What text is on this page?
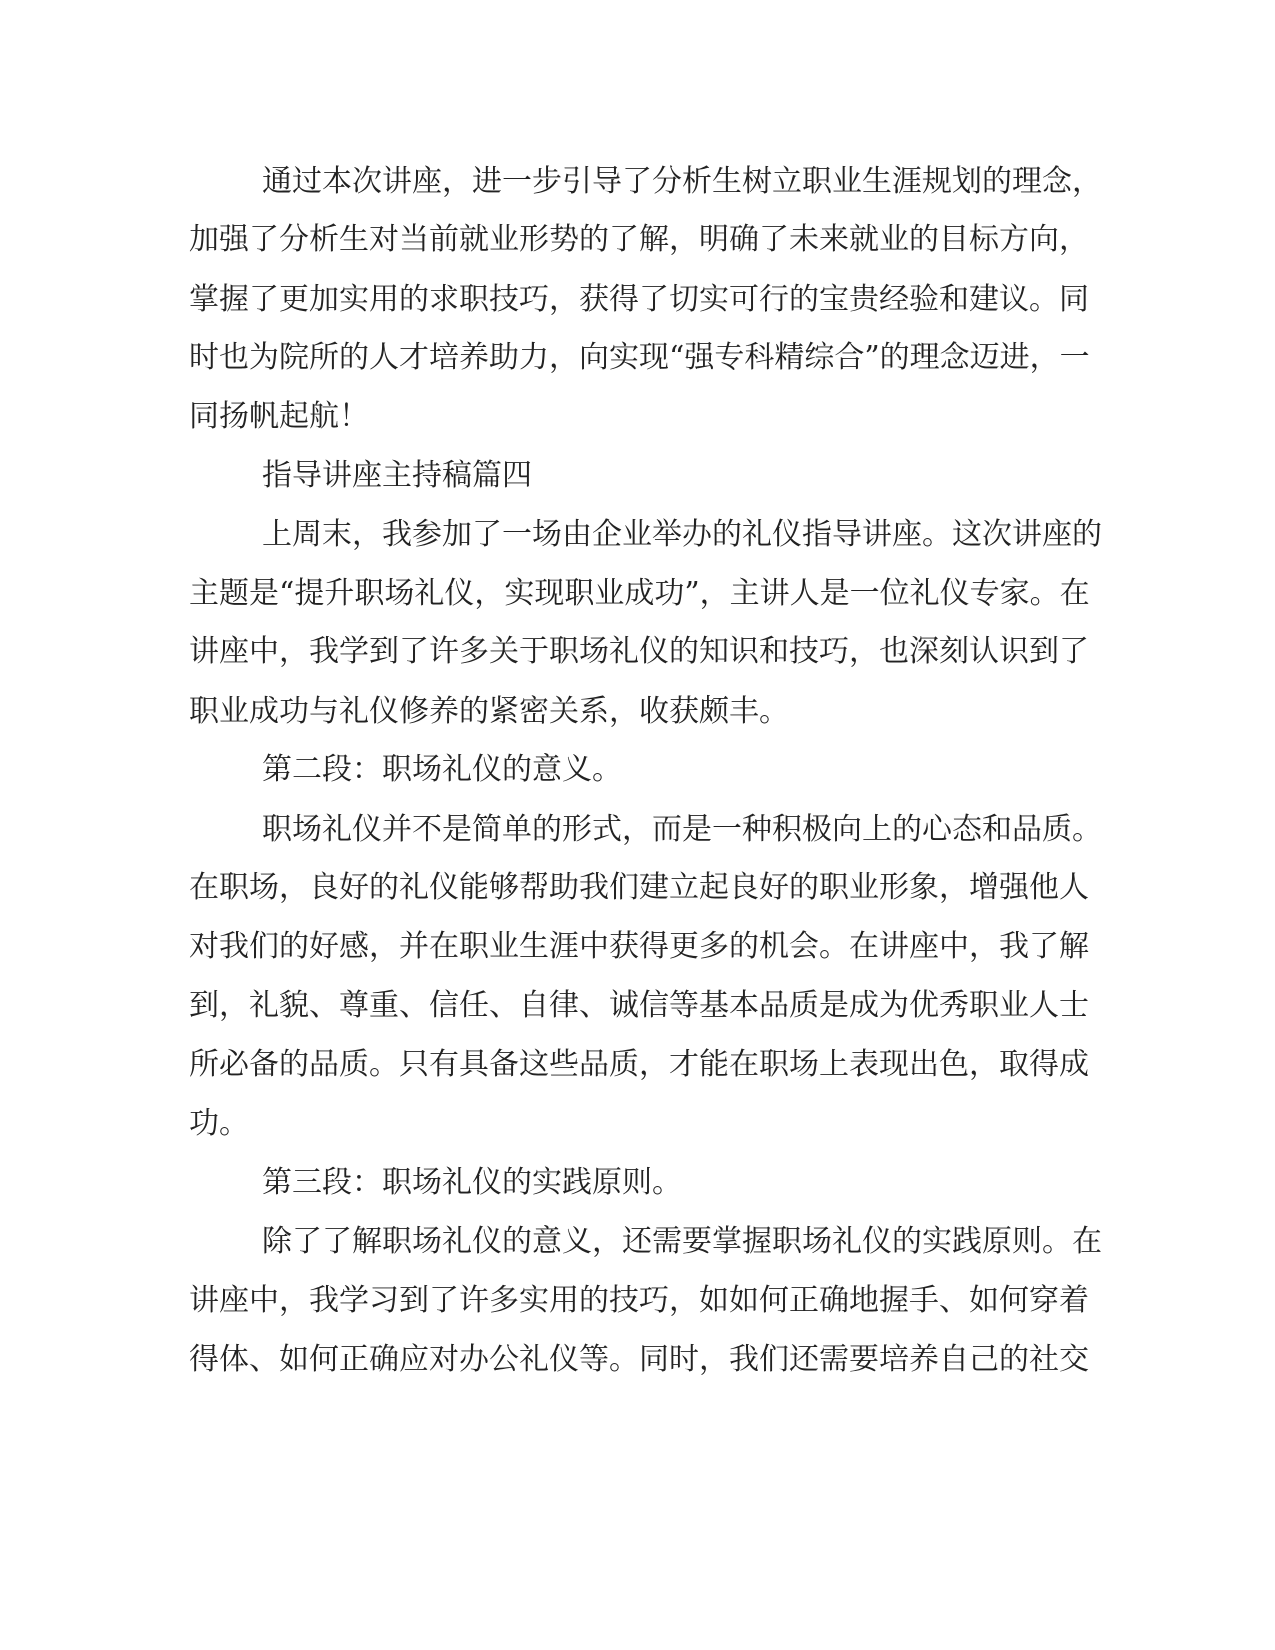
通过本次讲座，进一步引导了分析生树立职业生涯规划的理念，
加强了分析生对当前就业形势的了解，明确了未来就业的目标方向，
掌握了更加实用的求职技巧，获得了切实可行的宝贵经验和建议。同
时也为院所的人才培养助力，向实现“强专科精综合”的理念迈进，一
同扬帆起航！
指导讲座主持稿篇四
上周末，我参加了一场由企业举办的礼仪指导讲座。这次讲座的
主题是“提升职场礼仪，实现职业成功”，主讲人是一位礼仪专家。在
讲座中，我学到了许多关于职场礼仪的知识和技巧，也深刻认识到了
职业成功与礼仪修养的紧密关系，收获颇丰。
第二段：职场礼仪的意义。
职场礼仪并不是简单的形式，而是一种积极向上的心态和品质。
在职场，良好的礼仪能够帮助我们建立起良好的职业形象，增强他人
对我们的好感，并在职业生涯中获得更多的机会。在讲座中，我了解
到，礼貌、尊重、信任、自律、诚信等基本品质是成为优秀职业人士
所必备的品质。只有具备这些品质，才能在职场上表现出色，取得成
功。
第三段：职场礼仪的实践原则。
除了了解职场礼仪的意义，还需要掌握职场礼仪的实践原则。在
讲座中，我学习到了许多实用的技巧，如如何正确地握手、如何穿着
得体、如何正确应对办公礼仪等。同时，我们还需要培养自己的社交
